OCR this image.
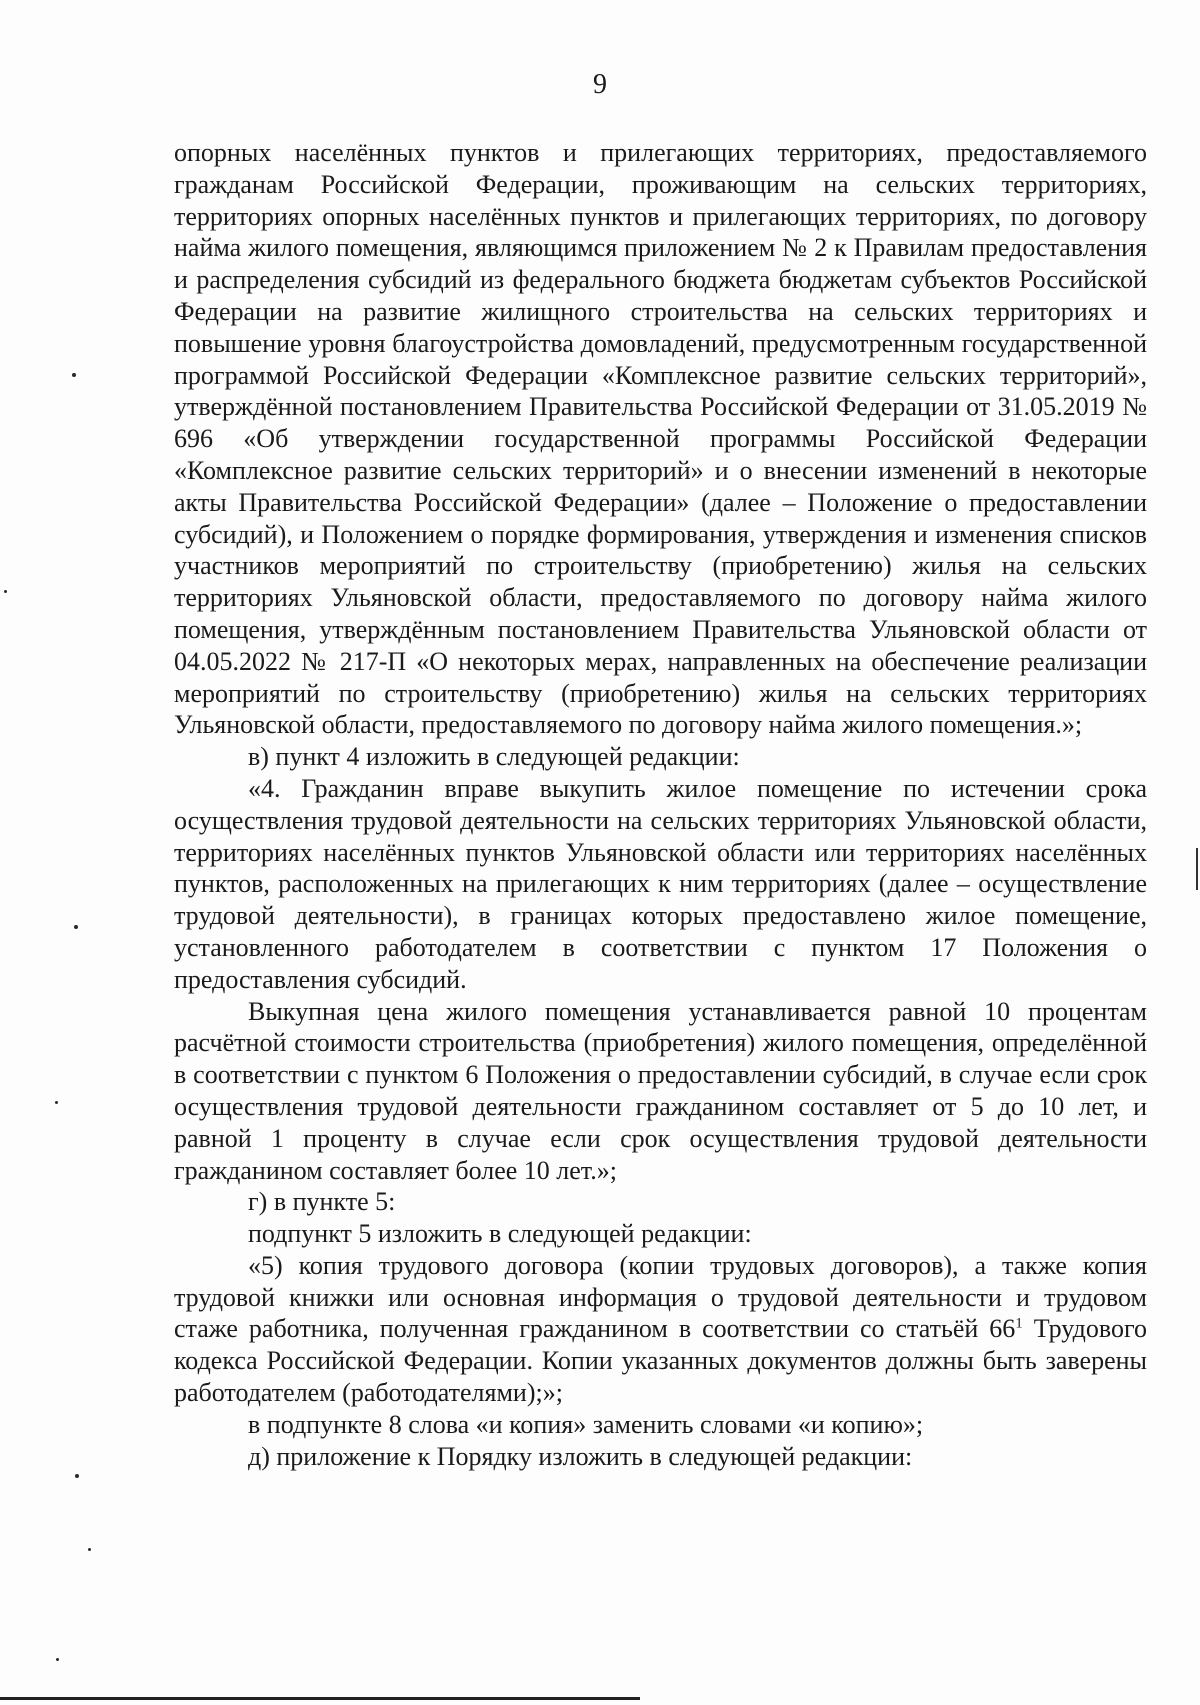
9

опорных населённых пунктов и прилегающих территориях, предоставляемого гражданам Российской Федерации, проживающим на сельских территориях, территориях опорных населённых пунктов и прилегающих территориях, по договору найма жилого помещения, являющимся приложением № 2 к Правилам предоставления и распределения субсидий из федерального бюджета бюджетам субъектов Российской Федерации на развитие жилищного строительства на сельских территориях и повышение уровня благоустройства домовладений, предусмотренным государственной программой Российской Федерации «Комплексное развитие сельских территорий», утверждённой постановлением Правительства Российской Федерации от 31.05.2019 № 696 «Об утверждении государственной программы Российской Федерации «Комплексное развитие сельских территорий» и о внесении изменений в некоторые акты Правительства Российской Федерации» (далее – Положение о предоставлении субсидий), и Положением о порядке формирования, утверждения и изменения списков участников мероприятий по строительству (приобретению) жилья на сельских территориях Ульяновской области, предоставляемого по договору найма жилого помещения, утверждённым постановлением Правительства Ульяновской области от 04.05.2022 № 217-П «О некоторых мерах, направленных на обеспечение реализации мероприятий по строительству (приобретению) жилья на сельских территориях Ульяновской области, предоставляемого по договору найма жилого помещения.»;

в) пункт 4 изложить в следующей редакции:

«4. Гражданин вправе выкупить жилое помещение по истечении срока осуществления трудовой деятельности на сельских территориях Ульяновской области, территориях населённых пунктов Ульяновской области или территориях населённых пунктов, расположенных на прилегающих к ним территориях (далее – осуществление трудовой деятельности), в границах которых предоставлено жилое помещение, установленного работодателем в соответствии с пунктом 17 Положения о предоставления субсидий.

Выкупная цена жилого помещения устанавливается равной 10 процентам расчётной стоимости строительства (приобретения) жилого помещения, определённой в соответствии с пунктом 6 Положения о предоставлении субсидий, в случае если срок осуществления трудовой деятельности гражданином составляет от 5 до 10 лет, и равной 1 проценту в случае если срок осуществления трудовой деятельности гражданином составляет более 10 лет.»;

г) в пункте 5:

подпункт 5 изложить в следующей редакции:

«5) копия трудового договора (копии трудовых договоров), а также копия трудовой книжки или основная информация о трудовой деятельности и трудовом стаже работника, полученная гражданином в соответствии со статьёй $66^1$ Трудового кодекса Российской Федерации. Копии указанных документов должны быть заверены работодателем (работодателями);»;

в подпункте 8 слова «и копия» заменить словами «и копию»;

д) приложение к Порядку изложить в следующей редакции:
